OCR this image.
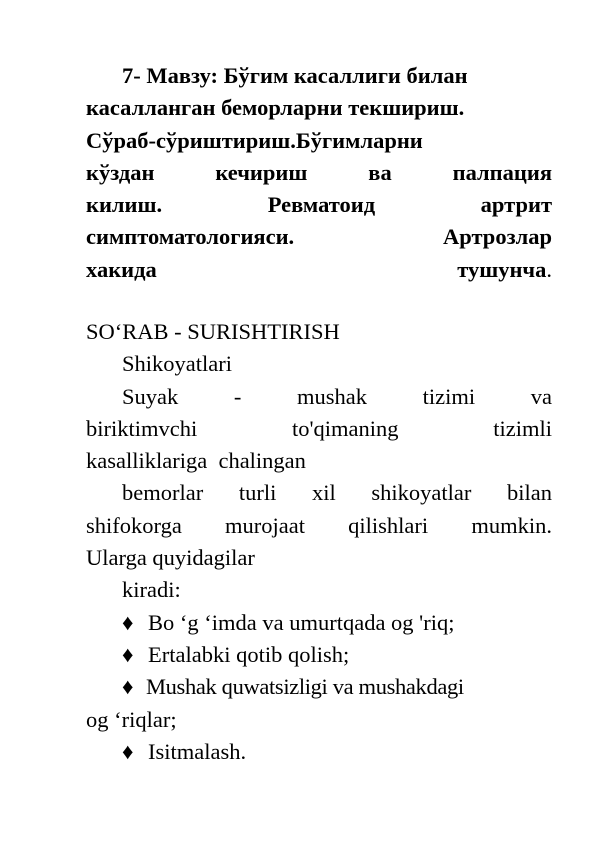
7- Мавзу: Бўгим касаллиги билан
касалланган беморларни текшириш.
Сўраб-сўриштириш.Бўгимларни
кўздан	кечириш	ва	палпация
килиш.	Ревматоид	артрит
симптоматологияси.	Артрозлар
хакида	тушунча.
SO‘RAB - SURISHTIRISH
Shikoyatlari
Suyak - mushak tizimi va
biriktimvchi	to'qimaning	tizimli
kasalliklariga  chalingan
bemorlar turli xil shikoyatlar bilan
shifokorga murojaat qilishlari mumkin.
Ularga quyidagilar
kiradi:
♦ Bo ‘g ‘imda va umurtqada og 'riq;
♦ Ertalabki qotib qolish;
♦ Mushak quwatsizligi va mushakdagi
og ‘riqlar;
♦ Isitmalash.
